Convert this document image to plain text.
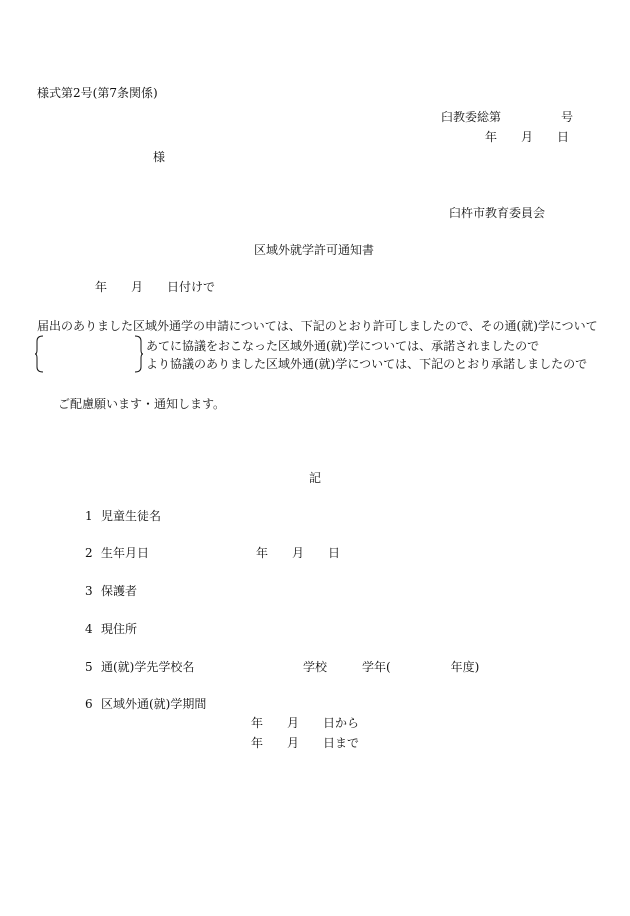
様式第2号(第7条関係)
臼教委総第　　　　　号
年　　月　　日
様
臼杵市教育委員会
区域外就学許可通知書
年　　月　　日付けで
届出のありました区域外通学の申請については、下記のとおり許可しましたので、その通(就)学について
あてに協議をおこなった区域外通(就)学については、承諾されましたので
より協議のありました区域外通(就)学については、下記のとおり承諾しましたので
ご配慮願います・通知します。
記
1 児童生徒名
2 生年月日	年　　月　　日
3 保護者
4 現住所
5 通(就)学先学校名	学校	学年(　　　　　年度)
6 区域外通(就)学期間
年　　月　　日から
年　　月　　日まで
